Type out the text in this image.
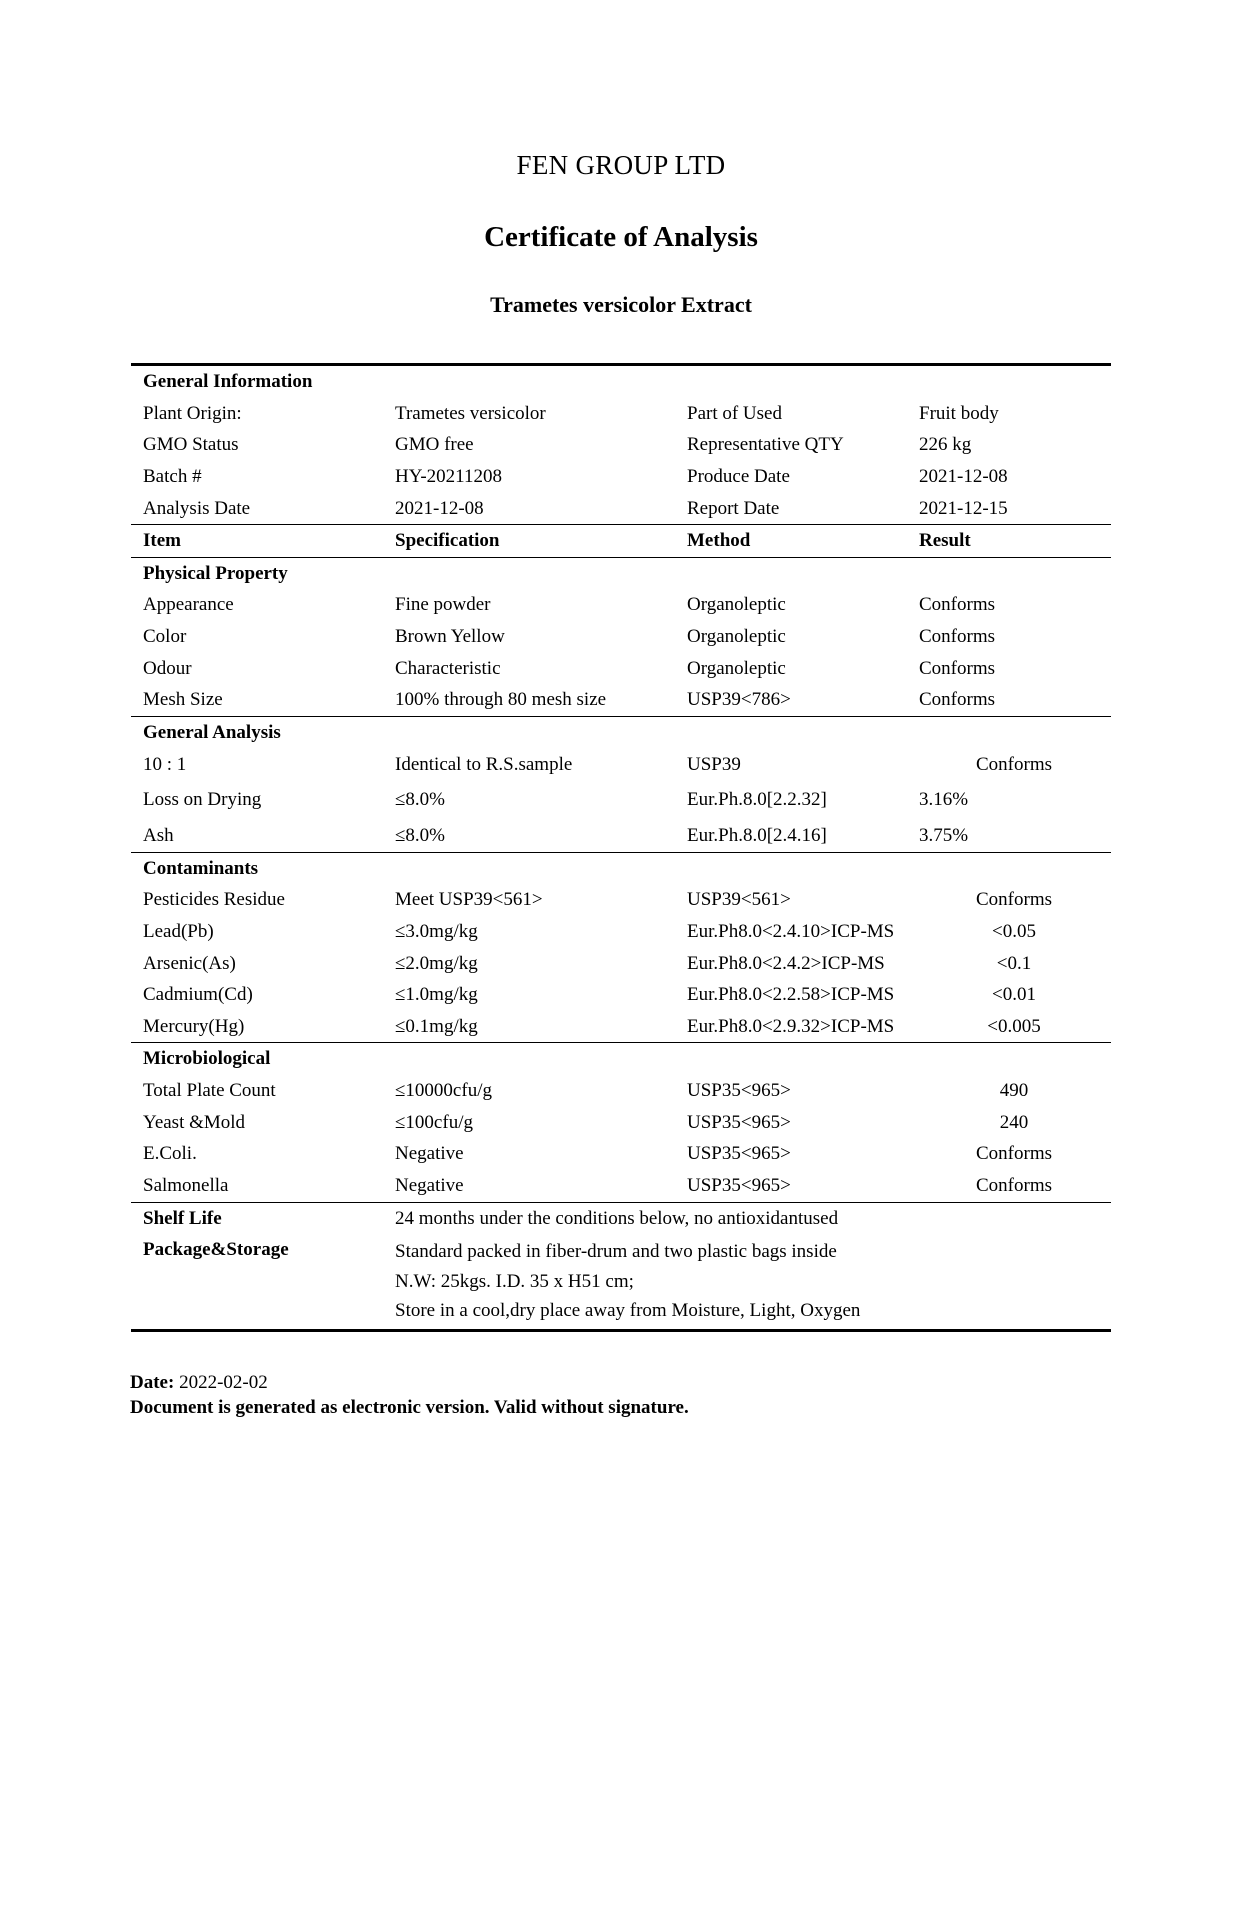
FEN GROUP LTD
Certificate of Analysis
Trametes versicolor Extract
General Information			
Plant Origin:	Trametes versicolor	Part of Used	Fruit body
GMO Status	GMO free	Representative QTY	226 kg
Batch #	HY-20211208	Produce Date	2021-12-08
Analysis Date	2021-12-08	Report Date	2021-12-15
Item	Specification	Method	Result
Physical Property			
Appearance	Fine powder	Organoleptic	Conforms
Color	Brown Yellow	Organoleptic	Conforms
Odour	Characteristic	Organoleptic	Conforms
Mesh Size	100% through 80 mesh size	USP39<786>	Conforms
General Analysis			
10 : 1	Identical to R.S.sample	USP39	Conforms
Loss on Drying	≤8.0%	Eur.Ph.8.0[2.2.32]	3.16%
Ash	≤8.0%	Eur.Ph.8.0[2.4.16]	3.75%
Contaminants			
Pesticides Residue	Meet USP39<561>	USP39<561>	Conforms
Lead(Pb)	≤3.0mg/kg	Eur.Ph8.0<2.4.10>ICP-MS	<0.05
Arsenic(As)	≤2.0mg/kg	Eur.Ph8.0<2.4.2>ICP-MS	<0.1
Cadmium(Cd)	≤1.0mg/kg	Eur.Ph8.0<2.2.58>ICP-MS	<0.01
Mercury(Hg)	≤0.1mg/kg	Eur.Ph8.0<2.9.32>ICP-MS	<0.005
Microbiological			
Total Plate Count	≤10000cfu/g	USP35<965>	490
Yeast &Mold	≤100cfu/g	USP35<965>	240
E.Coli.	Negative	USP35<965>	Conforms
Salmonella	Negative	USP35<965>	Conforms
Shelf Life	24 months under the conditions below, no antioxidantused		
Package&Storage	Standard packed in fiber-drum and two plastic bags inside
N.W: 25kgs. I.D. 35 x H51 cm;
Store in a cool,dry place away from Moisture, Light, Oxygen		
Date: 2022-02-02
Document is generated as electronic version. Valid without signature.
